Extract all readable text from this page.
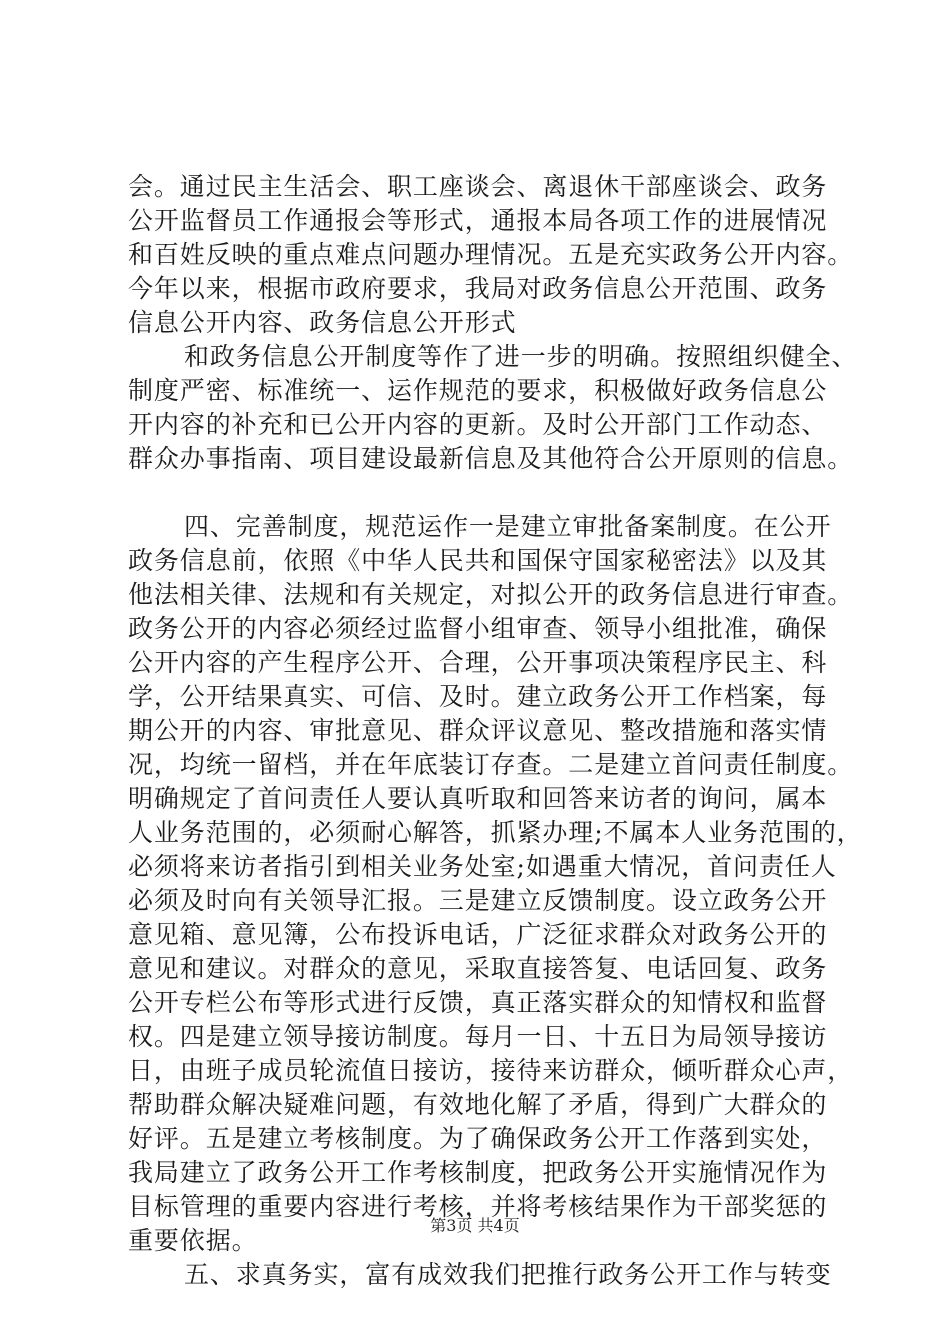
会。通过民主生活会、职工座谈会、离退休干部座谈会、政务
公开监督员工作通报会等形式，通报本局各项工作的进展情况
和百姓反映的重点难点问题办理情况。五是充实政务公开内容。
今年以来，根据市政府要求，我局对政务信息公开范围、政务
信息公开内容、政务信息公开形式
和政务信息公开制度等作了进一步的明确。按照组织健全、
制度严密、标准统一、运作规范的要求，积极做好政务信息公
开内容的补充和已公开内容的更新。及时公开部门工作动态、
群众办事指南、项目建设最新信息及其他符合公开原则的信息。
四、完善制度，规范运作一是建立审批备案制度。在公开
政务信息前，依照《中华人民共和国保守国家秘密法》以及其
他法相关律、法规和有关规定，对拟公开的政务信息进行审查。
政务公开的内容必须经过监督小组审查、领导小组批准，确保
公开内容的产生程序公开、合理，公开事项决策程序民主、科
学，公开结果真实、可信、及时。建立政务公开工作档案，每
期公开的内容、审批意见、群众评议意见、整改措施和落实情
况，均统一留档，并在年底装订存查。二是建立首问责任制度。
明确规定了首问责任人要认真听取和回答来访者的询问，属本
人业务范围的，必须耐心解答，抓紧办理;不属本人业务范围的，
必须将来访者指引到相关业务处室;如遇重大情况，首问责任人
必须及时向有关领导汇报。三是建立反馈制度。设立政务公开
意见箱、意见簿，公布投诉电话，广泛征求群众对政务公开的
意见和建议。对群众的意见，采取直接答复、电话回复、政务
公开专栏公布等形式进行反馈，真正落实群众的知情权和监督
权。四是建立领导接访制度。每月一日、十五日为局领导接访
日，由班子成员轮流值日接访，接待来访群众，倾听群众心声，
帮助群众解决疑难问题，有效地化解了矛盾，得到广大群众的
好评。五是建立考核制度。为了确保政务公开工作落到实处，
我局建立了政务公开工作考核制度，把政务公开实施情况作为
目标管理的重要内容进行考核，并将考核结果作为干部奖惩的
重要依据。
五、求真务实，富有成效我们把推行政务公开工作与转变
第3页 共4页
